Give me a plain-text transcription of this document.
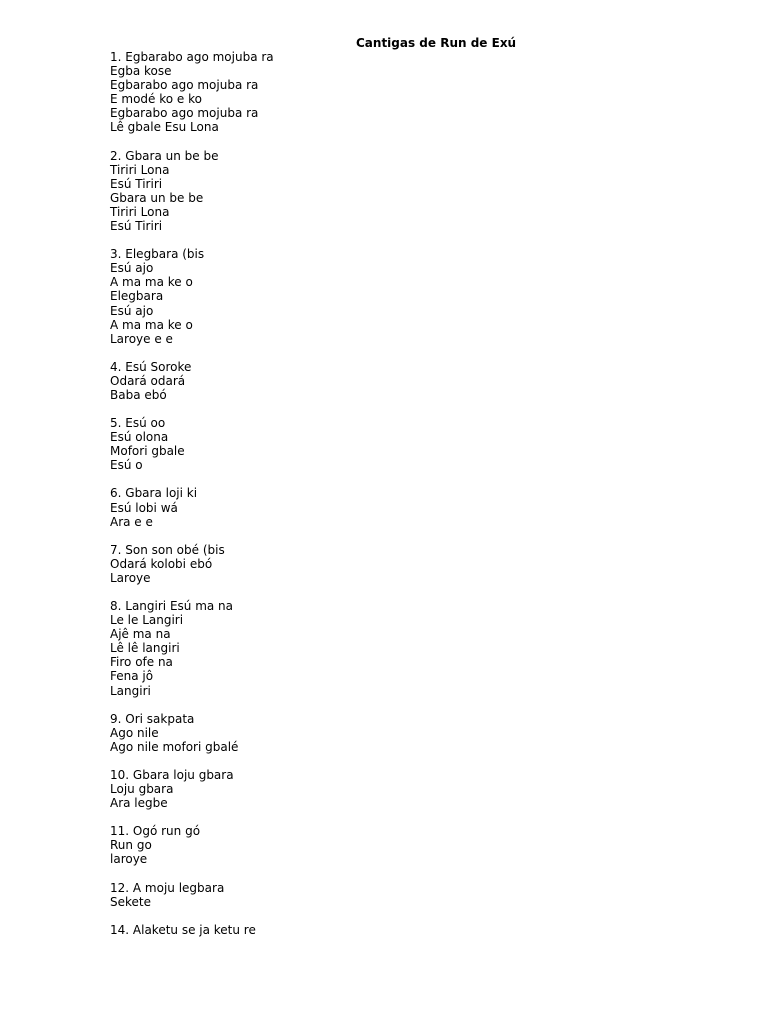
Cantigas de Run de Exú
1. Egbarabo ago mojuba ra
Egba kose
Egbarabo ago mojuba ra
E modé ko e ko
Egbarabo ago mojuba ra
Lê gbale Esu Lona
2. Gbara un be be
Tiriri Lona
Esú Tiriri
Gbara un be be
Tiriri Lona
Esú Tiriri
3. Elegbara (bis
Esú ajo
A ma ma ke o
Elegbara
Esú ajo
A ma ma ke o
Laroye e e
4. Esú Soroke
Odará odará
Baba ebó
5. Esú oo
Esú olona
Mofori gbale
Esú o
6. Gbara loji ki
Esú lobi wá
Ara e e
7. Son son obé (bis
Odará kolobi ebó
Laroye
8. Langiri Esú ma na
Le le Langiri
Ajê ma na
Lê lê langiri
Firo ofe na
Fena jô
Langiri
9. Ori sakpata
Ago nile
Ago nile mofori gbalé
10. Gbara loju gbara
Loju gbara
Ara legbe
11. Ogó run gó
Run go
laroye
12. A moju legbara
Sekete
14. Alaketu se ja ketu re
